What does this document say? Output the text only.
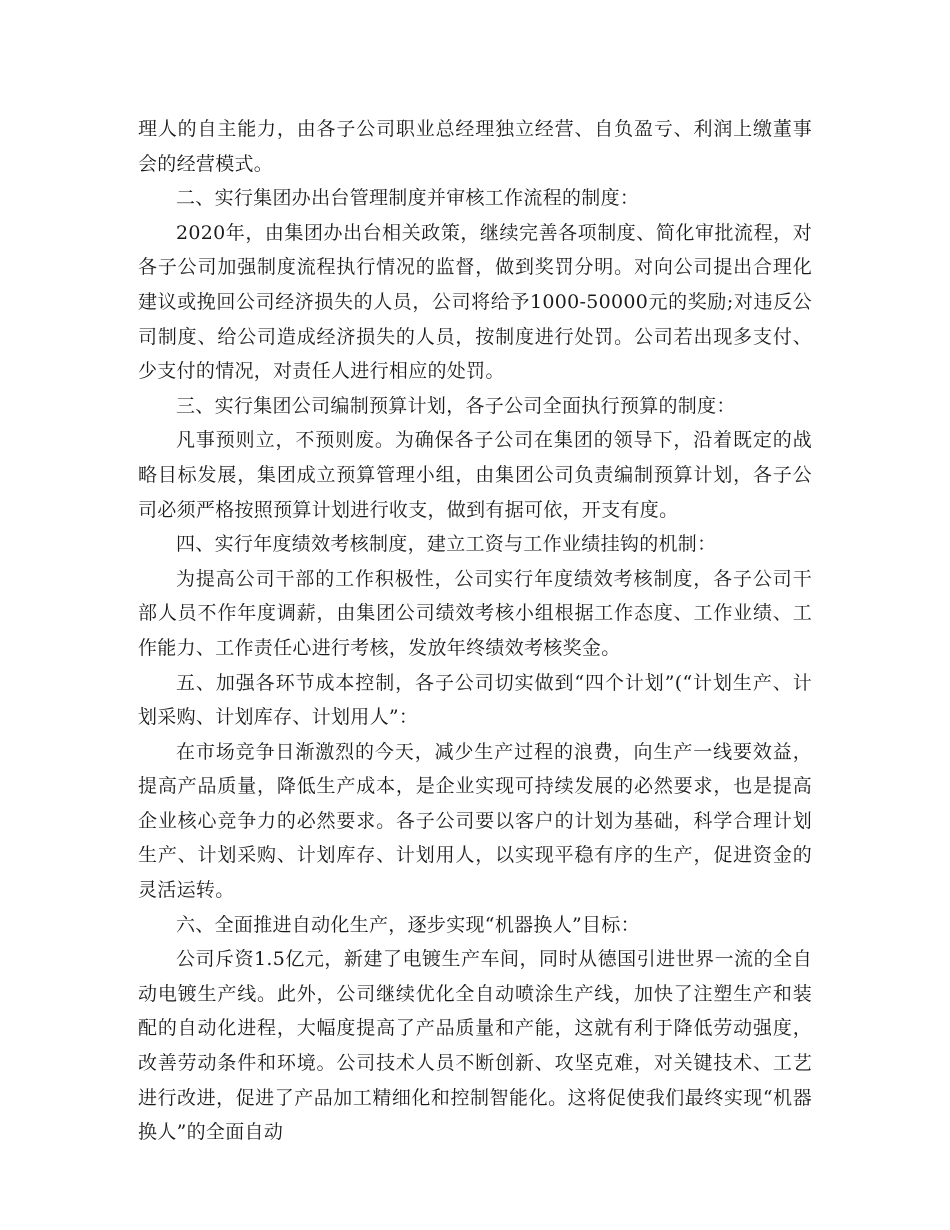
理人的自主能力，由各子公司职业总经理独立经营、自负盈亏、利润上缴董事会的经营模式。

二、实行集团办出台管理制度并审核工作流程的制度：

2020年，由集团办出台相关政策，继续完善各项制度、简化审批流程，对各子公司加强制度流程执行情况的监督，做到奖罚分明。对向公司提出合理化建议或挽回公司经济损失的人员，公司将给予1000-50000元的奖励;对违反公司制度、给公司造成经济损失的人员，按制度进行处罚。公司若出现多支付、少支付的情况，对责任人进行相应的处罚。

三、实行集团公司编制预算计划，各子公司全面执行预算的制度：

凡事预则立，不预则废。为确保各子公司在集团的领导下，沿着既定的战略目标发展，集团成立预算管理小组，由集团公司负责编制预算计划，各子公司必须严格按照预算计划进行收支，做到有据可依，开支有度。

四、实行年度绩效考核制度，建立工资与工作业绩挂钩的机制：

为提高公司干部的工作积极性，公司实行年度绩效考核制度，各子公司干部人员不作年度调薪，由集团公司绩效考核小组根据工作态度、工作业绩、工作能力、工作责任心进行考核，发放年终绩效考核奖金。

五、加强各环节成本控制，各子公司切实做到“四个计划”(“计划生产、计划采购、计划库存、计划用人”：

在市场竞争日渐激烈的今天，减少生产过程的浪费，向生产一线要效益，提高产品质量，降低生产成本，是企业实现可持续发展的必然要求，也是提高企业核心竞争力的必然要求。各子公司要以客户的计划为基础，科学合理计划生产、计划采购、计划库存、计划用人，以实现平稳有序的生产，促进资金的灵活运转。

六、全面推进自动化生产，逐步实现“机器换人”目标：

公司斥资1.5亿元，新建了电镀生产车间，同时从德国引进世界一流的全自动电镀生产线。此外，公司继续优化全自动喷涂生产线，加快了注塑生产和装配的自动化进程，大幅度提高了产品质量和产能，这就有利于降低劳动强度，改善劳动条件和环境。公司技术人员不断创新、攻坚克难，对关键技术、工艺进行改进，促进了产品加工精细化和控制智能化。这将促使我们最终实现“机器换人”的全面自动
